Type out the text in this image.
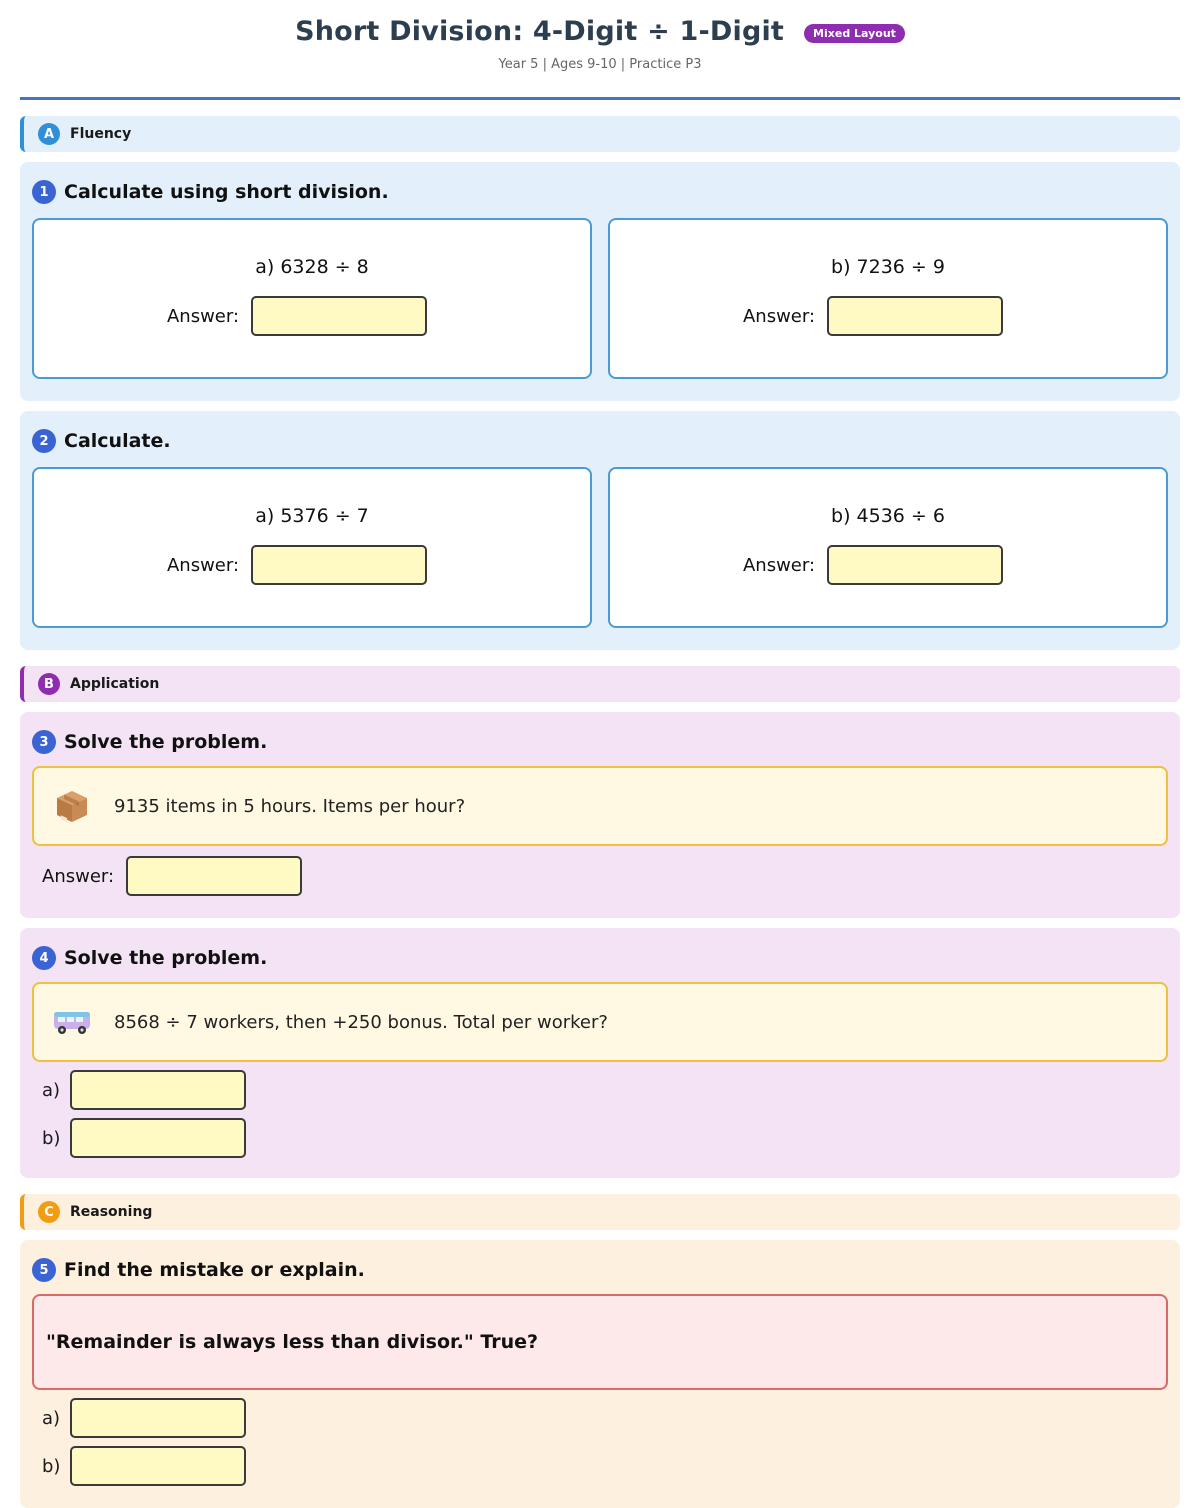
Short Division: 4-Digit ÷ 1-Digit	Mixed Layout
Year 5 | Ages 9-10 | Practice P3
A	Fluency
1 Calculate using short division.
a) 6328 ÷ 8
Answer:
b) 7236 ÷ 9
Answer:
2 Calculate.
a) 5376 ÷ 7
Answer:
b) 4536 ÷ 6
Answer:
B	Application
3 Solve the problem.
9135 items in 5 hours. Items per hour?
Answer:
4 Solve the problem.
8568 ÷ 7 workers, then +250 bonus. Total per worker?
a)
b)
C	Reasoning
5 Find the mistake or explain.
"Remainder is always less than divisor." True?
a)
b)
